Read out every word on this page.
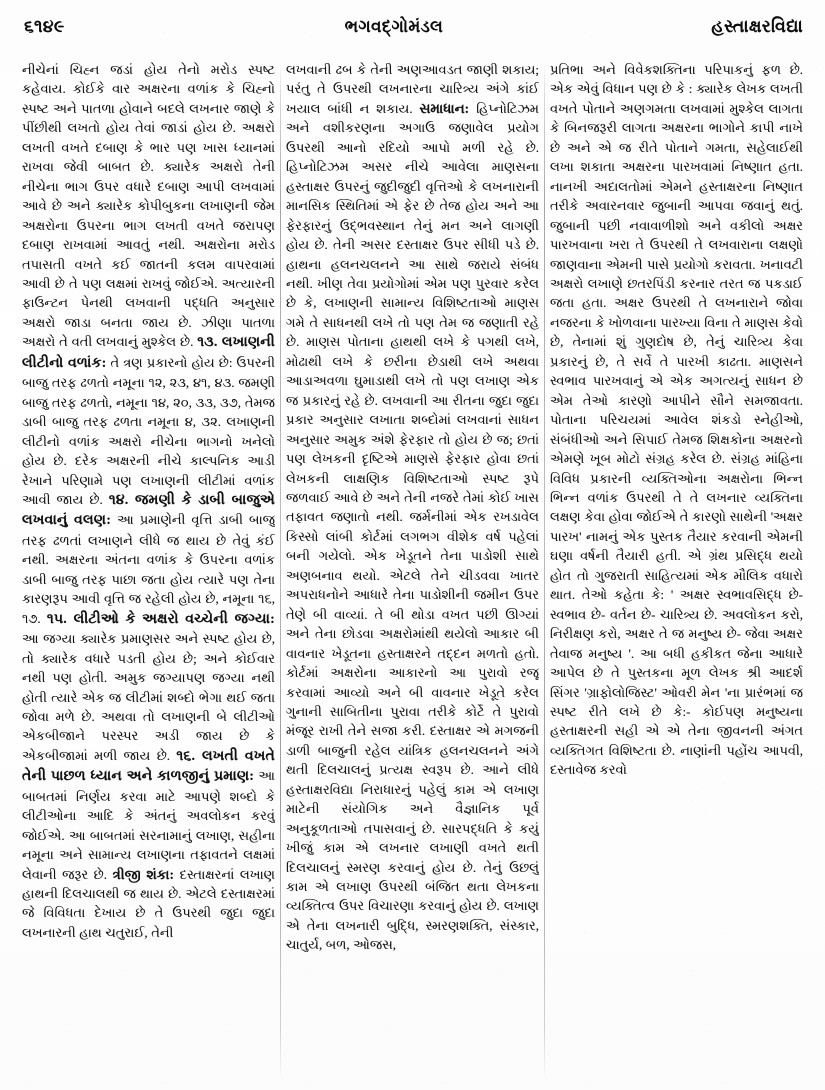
૬૧૪૯	ભગવદ્ગોમંડલ	હસ્તાક્ષરવિદ્યા

નીચેનાં ચિહ્ન જડાં હોય તેનો મરોડ સ્પષ્ટ કહેવાય. કોઈકે વાર અક્ષરના વળાંક કે ચિહ્નો સ્પષ્ટ અને પાતળા હોવાને બદલે લખનાર જાણે કે પીંછીથી લખતો હોય તેવાં જાડાં હોય છે. અક્ષરો લખતી વખતે દબાણ કે ભાર પણ ખાસ ધ્યાનમાં રાખવા જેવી બાબત છે. ક્યારેક અક્ષરો તેની નીચેના ભાગ ઉપર વધારે દબાણ આપી લખવામાં આવે છે અને ક્યારેક કોપીબુકના લખાણની જેમ અક્ષરોના ઉપરના ભાગ લખતી વખતે જરાપણ દબાણ રાખવામાં આવતું નથી. અક્ષરોના મરોડ તપાસતી વખતે કઈ જાતની કલમ વાપરવામાં આવી છે તે પણ લક્ષમાં રાખવું જોઈએ. અત્યારની ફાઉન્ટન પેનથી લખવાની પદ્ધતિ અનુસાર અક્ષરો જાડા બનતા જાય છે. ઝીણા પાતળા અક્ષરો તે વતી લખવાનું મુશ્કેલ છે. ૧૩. લખાણની લીટીનો વળાંક: તે ત્રણ પ્રકારનો હોય છે: ઉપરની બાજુ તરફ ઢળતો નમૂના ૧૨, ૨૩, ૪૧, ૪૩. જમણી બાજુ તરફ ઢળતો, નમૂના ૧૪, ૨૦, ૩૩, ૩૭, તેમજ ડાબી બાજુ તરફ ઢળતા નમૂના ૪, ૩૨. લખાણની લીટીનો વળાંક અક્ષરો નીચેના ભાગનો ખનેલો હોય છે. દરેક અક્ષરની નીચે કાલ્પનિક આડી રેખાને પરિણામે પણ લખાણની લીટીમાં વળાંક આવી જાય છે. ૧૪. જમણી કે ડાબી બાજુએ લખવાનું વલણ: આ પ્રમાણેની વૃત્તિ ડાબી બાજુ તરફ ઢળતાં લખાણને લીધે જ થાય છે તેવું કંઈ નથી. અક્ષરના અંતના વળાંક કે ઉપરના વળાંક ડાબી બાજુ તરફ પાછા જતા હોય ત્યારે પણ તેના કારણરૂપ આવી વૃત્તિ જ રહેલી હોય છે, નમૂના ૧૬, ૧૭. ૧૫. લીટીઓ કે અક્ષરો વચ્ચેની જગ્યા: આ જગ્યા ક્યારેક પ્રમાણસર અને સ્પષ્ટ હોય છે, તો ક્યારેક વધારે પડતી હોય છે; અને કોઈવાર નથી પણ હોતી. અમુક જગ્યાપણ જગ્યા નથી હોતી ત્યારે એક જ લીટીમાં શબ્દો ભેગા થઈ જતા જોવા મળે છે. અથવા તો લખાણની બે લીટીઓ એકબીજાને પરસ્પર અડી જાય છે કે એકબીજામાં મળી જાય છે. ૧૬. લખતી વખતે તેની પાછળ ધ્યાન અને કાળજીનું પ્રમાણ: આ બાબતમાં નિર્ણય કરવા માટે આપણે શબ્દો કે લીટીઓના આદિ કે અંતનું અવલોકન કરવું જોઈએ. આ બાબતમાં સરનામાનું લખાણ, સહીના નમૂના અને સામાન્ય લખાણના તફાવતને લક્ષમાં લેવાની જરૂર છે. ત્રીજી શંકા: દસ્તાક્ષરનાં લખાણ હાથની દિલચાલથી જ થાય છે. એટલે દસ્તાક્ષરમાં જે વિવિધતા દેખાય છે તે ઉપરથી જુદા જુદા લખનારની હાથ ચતુરાઈ, તેની

લખવાની ઢબ કે તેની અણઆવડત જાણી શકાય; પરંતુ તે ઉપરથી લખનારના ચારિત્ર્ય અંગે કાંઈ ખયાલ બાંધી ન શકાય. સમાધાન: હિપ્નોટિઝમ અને વશીકરણના અગાઉ જણાવેલ પ્રયોગ ઉપરથી આનો રદિયો આપો મળી રહે છે. હિપ્નોટિઝમ અસર નીચે આવેલા માણસના હસ્તાક્ષર ઉપરનું જુદીજુદી વૃત્તિઓ કે લખનારાની માનસિક સ્થિતિમાં એ ફેર છે તેજ હોય અને આ ફેરફારનું ઉદ્ભવસ્થાન તેનું મન અને લાગણી હોય છે. તેની અસર દસ્તાક્ષર ઉપર સીધી પડે છે. હાથના હલનચલનને આ સાથે જરાયે સંબંધ નથી. ખીણ તેવા પ્રયોગોમાં એમ પણ પુરવાર કરેલ છે કે, લખાણની સામાન્ય વિશિષ્ટતાઓ માણસ ગમે તે સાધનથી લખે તો પણ તેમ જ જણાતી રહે છે. માણસ પોતાના હાથથી લખે કે પગથી લખે, મોઢાથી લખે કે છરીના છેડાથી લખે અથવા આડાઅવળા ઘુમાડાથી લખે તો પણ લખાણ એક જ પ્રકારનું રહે છે. લખવાની આ રીતના જુદા જુદા પ્રકાર અનુસાર લખાતા શબ્દોમાં લખવાનાં સાધન અનુસાર અમુક અંશે ફેરફાર તો હોય છે જ; છતાં પણ લેખકની દૃષ્ટિએ માણસે ફેરફાર હોવા છતાં લેખકની લાક્ષણિક વિશિષ્ટતાઓ સ્પષ્ટ રૂપે જળવાઈ આવે છે અને તેની નજરે તેમાં કોઈ ખાસ તફાવત જણાતો નથી. જર્મનીમાં એક રખડાવેલ કિસ્સો લાંબી કોર્ટમાં લગભગ વીશેક વર્ષ પહેલાં બની ગયેલો. એક ખેડૂતને તેના પાડોશી સાથે અણબનાવ થયો. એટલે તેને ચીડવવા ખાતર અપરાધનોને આધારે તેના પાડોશીની જમીન ઉપર તેણે બી વાવ્યાં. તે બી થોડા વખત પછી ઊગ્યાં અને તેના છોડવા અક્ષરોમાંથી થયેલો આકાર બી વાવનાર ખેડૂતના હસ્તાક્ષરને તદ્દન મળતો હતો. કોર્ટમાં અક્ષરોના આકારનો આ પુરાવો રજૂ કરવામાં આવ્યો અને બી વાવનાર ખેડૂતે કરેલ ગુનાની સાબિતીના પુરાવા તરીકે કોર્ટે તે પુરાવો મંજૂર રાખી તેને સજા કરી. દસ્તાક્ષર એ મગજની ડાળી બાજુની રહેલ યાંત્રિક હલનચલનને અંગે થતી દિલચાલનું પ્રત્યક્ષ સ્વરૂપ છે. આને લીધે હસ્તાક્ષરવિદ્યા નિરાધારનું પહેલું કામ એ લખાણ માટેની સંયોગિક અને વૈજ્ઞાનિક પૂર્વ અનુકૂળતાઓ તપાસવાનું છે. સારપદ્ધતિ કે કયું ખીજું કામ એ લખનાર લખાણી વખતે થતી દિલચાલનું સ્મરણ કરવાનું હોય છે. તેનું ઉછલું કામ એ લખાણ ઉપરથી બંજિત થતા લેખકના વ્યક્તિત્વ ઉપર વિચારણા કરવાનું હોય છે. લખાણ એ તેના લખનારી બુદ્ધિ, સ્મરણશક્તિ, સંસ્કાર, ચાતુર્ય, બળ, ઓજસ,

પ્રતિભા અને વિવેકશક્તિના પરિપાકનું ફળ છે. એક એવું વિધાન પણ છે કે : ક્યારેક લેખક લખતી વખતે પોતાને અણગમતા લખવામાં મુશ્કેલ લાગતા કે બિનજરૂરી લાગતા અક્ષરના ભાગોને કાપી નાખે છે અને એ જ રીતે પોતાને ગમતા, સહેલાઈથી લખા શકાતા અક્ષરના પારખવામાં નિષ્ણાત હતા. નાનખી અદાલતોમાં એમને હસ્તાક્ષરના નિષ્ણાત તરીકે અવારનવાર જુબાની આપવા જવાનું થતું. જુબાની પછી નવાવાળીશો અને વકીલો અક્ષર પારખવાના ખરા તે ઉપરથી તે લખવારાના લક્ષણો જાણવાના એમની પાસે પ્રયોગો કરાવતા. ખનાવટી અક્ષરો લખાણે છતરપિંડી કરનાર તરત જ પકડાઈ જતા હતા. અક્ષર ઉપરથી તે લખનારાને જોવા નજરના કે ખોળવાના પારખ્યા વિના તે માણસ કેવો છે, તેનામાં શું ગુણદોષ છે, તેનું ચારિત્ર્ય કેવા પ્રકારનું છે, તે સર્વે તે પારખી કાઢતા. માણસને સ્વભાવ પારખવાનું એ એક અગત્યનું સાધન છે એમ તેઓ કારણો આપીને સૌને સમજાવતા. પોતાના પરિચયમાં આવેલ શંકડો સ્નેહીઓ, સંબંધીઓ અને સિપાઈ તેમજ શિક્ષકોના અક્ષરનો એમણે ખૂબ મોટો સંગ્રહ કરેલ છે. સંગ્રહ માંહિના વિવિધ પ્રકારની વ્યક્તિઓના અક્ષરોના ભિન્ન ભિન્ન વળાંક ઉપરથી તે તે લખનાર વ્યક્તિના લક્ષણ કેવા હોવા જોઈએ તે કારણો સાથેની 'અક્ષર પારખ' નામનું એક પુસ્તક તૈયાર કરવાની એમની ઘણા વર્ષની તૈયારી હતી. એ ગ્રંથ પ્રસિદ્ધ થયો હોત તો ગુજરાતી સાહિત્યમાં એક મૌલિક વધારો થાત. તેઓ કહેતા કે: ' અક્ષર સ્વભાવસિદ્ધ છે- સ્વભાવ છે- વર્તન છે- ચારિત્ર્ય છે. અવલોકન કરો, નિરીક્ષણ કરો, અક્ષર તે જ મનુષ્ય છે- જેવા અક્ષર તેવાજ મનુષ્ય '. આ બધી હકીકત જેના આધારે આપેલ છે તે પુસ્તકના મૂળ લેખક શ્રી આદર્શ સિંગર 'ગ્રાફોલોજિસ્ટ' ઓવરી મેન 'ના પ્રારંભમાં જ સ્પષ્ટ રીતે લખે છે કે:- કોઈપણ મનુષ્યના હસ્તાક્ષરની સહી એ એ તેના જીવનની અંગત વ્યક્તિગત વિશિષ્ટતા છે. નાણાંની પહોંચ આપવી, દસ્તાવેજ કરવો
